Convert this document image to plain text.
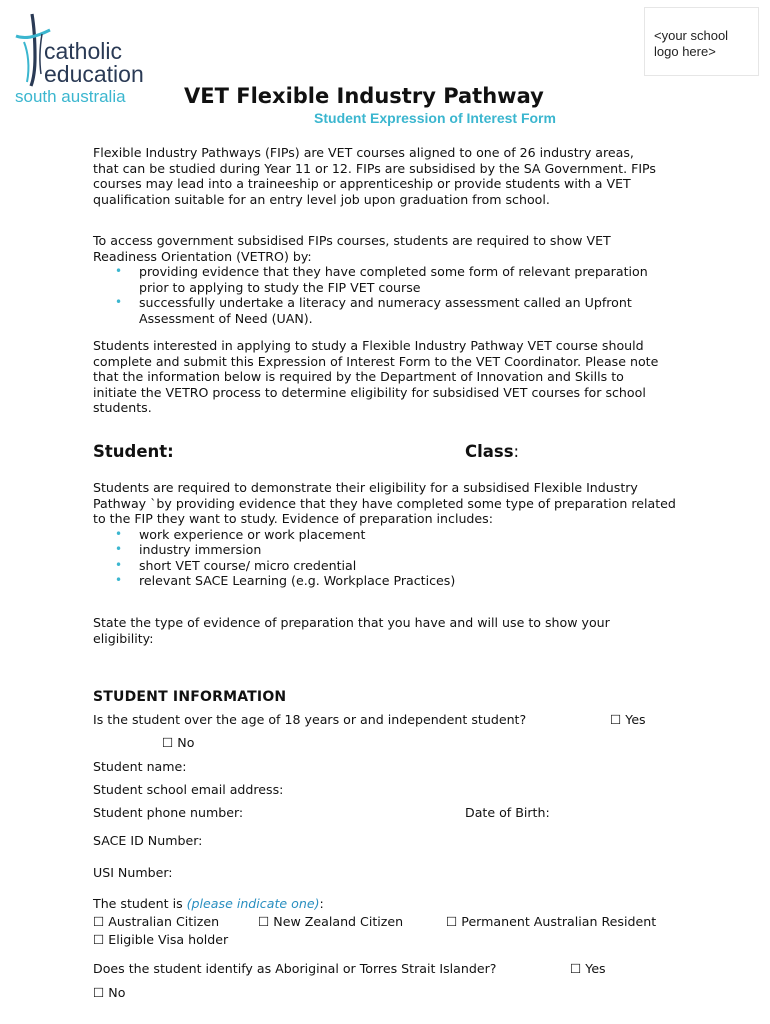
catholic
education
south australia
<your school logo here>
VET Flexible Industry Pathway
Student Expression of Interest Form

Flexible Industry Pathways (FIPs) are VET courses aligned to one of 26 industry areas, that can be studied during Year 11 or 12. FIPs are subsidised by the SA Government. FIPs courses may lead into a traineeship or apprenticeship or provide students with a VET qualification suitable for an entry level job upon graduation from school.

To access government subsidised FIPs courses, students are required to show VET Readiness Orientation (VETRO) by:

• providing evidence that they have completed some form of relevant preparation prior to applying to study the FIP VET course
• successfully undertake a literacy and numeracy assessment called an Upfront Assessment of Need (UAN).

Students interested in applying to study a Flexible Industry Pathway VET course should complete and submit this Expression of Interest Form to the VET Coordinator. Please note that the information below is required by the Department of Innovation and Skills to initiate the VETRO process to determine eligibility for subsidised VET courses for school students.

Student:	Class:

Students are required to demonstrate their eligibility for a subsidised Flexible Industry Pathway `by providing evidence that they have completed some type of preparation related to the FIP they want to study. Evidence of preparation includes:

• work experience or work placement
• industry immersion
• short VET course/ micro credential
• relevant SACE Learning (e.g. Workplace Practices)

State the type of evidence of preparation that you have and will use to show your eligibility:

STUDENT INFORMATION
Is the student over the age of 18 years or and independent student?	☐ Yes
☐ No
Student name:
Student school email address:
Student phone number:	Date of Birth:
SACE ID Number:
USI Number:
The student is (please indicate one):
☐ Australian Citizen	☐ New Zealand Citizen	☐ Permanent Australian Resident
☐ Eligible Visa holder
Does the student identify as Aboriginal or Torres Strait Islander?	☐ Yes
☐ No
